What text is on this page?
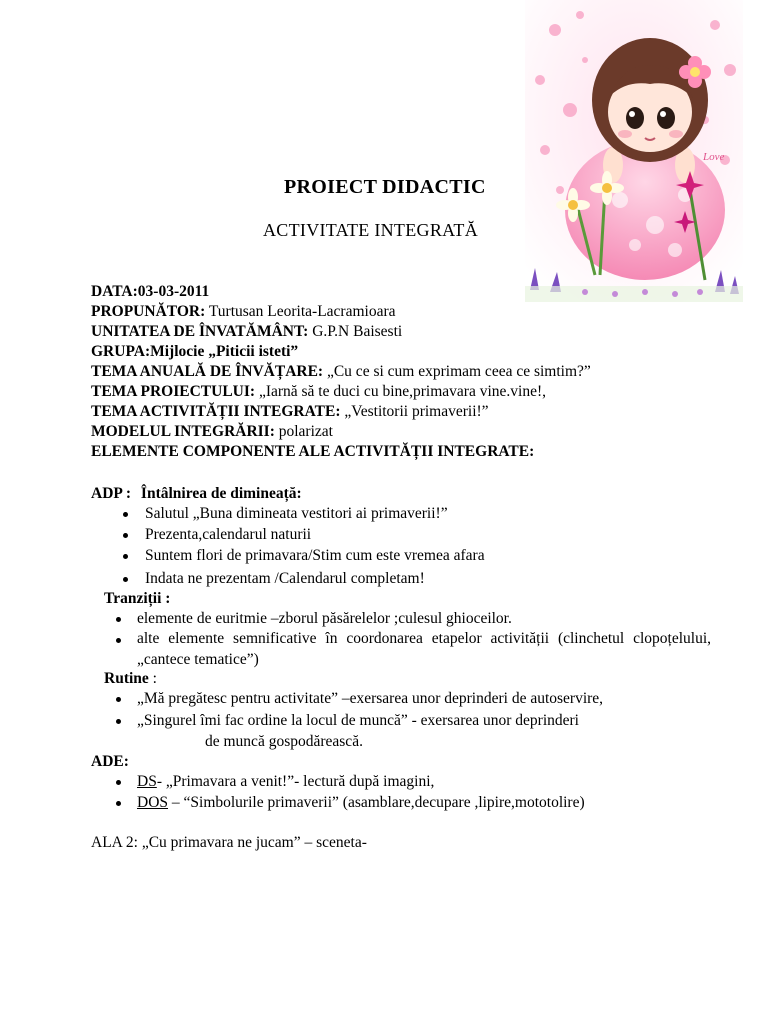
Love
PROIECT DIDACTIC
ACTIVITATE INTEGRATĂ
DATA:03-03-2011
PROPUNĂTOR: Turtusan Leorita-Lacramioara
UNITATEA DE ÎNVATĂMÂNT: G.P.N Baisesti
GRUPA:Mijlocie „Piticii isteti”
TEMA ANUALĂ DE ÎNVĂȚARE: „Cu ce si cum exprimam ceea ce simtim?”
TEMA PROIECTULUI: „Iarnă să te duci cu bine,primavara vine.vine!,
TEMA ACTIVITĂȚII INTEGRATE: „Vestitorii primaverii!”
MODELUL INTEGRĂRII: polarizat
ELEMENTE COMPONENTE ALE ACTIVITĂȚII INTEGRATE:
ADP : Întâlnirea de dimineață:
Salutul „Buna dimineata vestitori ai primaverii!”
Prezenta,calendarul naturii
Suntem flori de primavara/Stim cum este vremea afara
Indata ne prezentam /Calendarul completam!
Tranziții :
elemente de euritmie –zborul păsărelelor ;culesul ghioceilor.
alte elemente semnificative în coordonarea etapelor activității (clinchetul clopoțelului, „cantece tematice”)
Rutine :
„Mă pregătesc pentru activitate” –exersarea unor deprinderi de autoservire,
„Singurel îmi fac ordine la locul de muncă” - exersarea unor deprinderi
de muncă gospodărească.
ADE:
DS- „Primavara a venit!”- lectură după imagini,
DOS – “Simbolurile primaverii” (asamblare,decupare ,lipire,mototolire)
ALA 2: „Cu primavara ne jucam” – sceneta-
